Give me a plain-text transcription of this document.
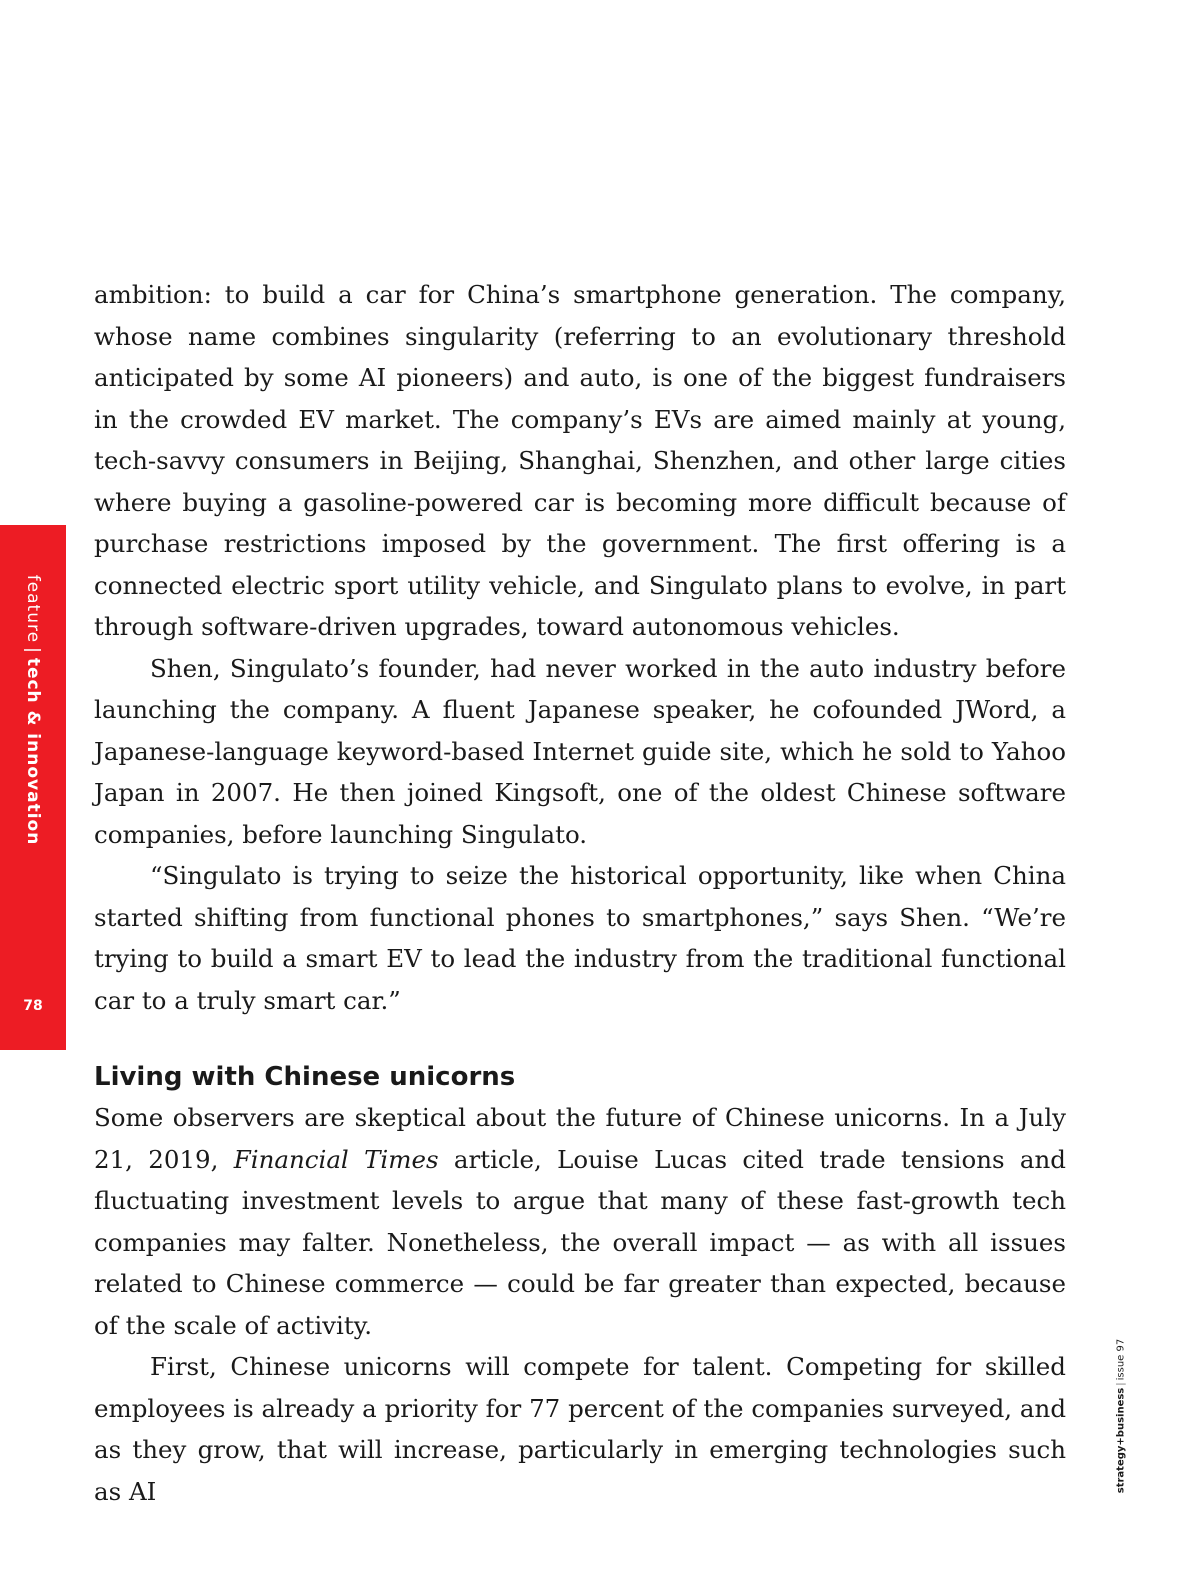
feature|tech & innovation
78
strategy+business|issue 97

ambition: to build a car for China’s smartphone generation. The company, whose name combines singularity (referring to an evolutionary threshold anticipated by some AI pioneers) and auto, is one of the biggest fundraisers in the crowded EV market. The company’s EVs are aimed mainly at young, tech-savvy consumers in Beijing, Shanghai, Shenzhen, and other large cities where buying a gasoline-powered car is becoming more difficult because of purchase restrictions imposed by the government. The first offering is a connected electric sport utility vehicle, and Singulato plans to evolve, in part through software-driven upgrades, toward autonomous vehicles.

Shen, Singulato’s founder, had never worked in the auto industry before launching the company. A fluent Japanese speaker, he cofounded JWord, a Japanese-language keyword-based Internet guide site, which he sold to Yahoo Japan in 2007. He then joined Kingsoft, one of the oldest Chinese software companies, before launching Singulato.

“Singulato is trying to seize the historical opportunity, like when China started shifting from functional phones to smartphones,” says Shen. “We’re trying to build a smart EV to lead the industry from the traditional functional car to a truly smart car.”

Living with Chinese unicorns

Some observers are skeptical about the future of Chinese unicorns. In a July 21, 2019, Financial Times article, Louise Lucas cited trade tensions and fluctuating investment levels to argue that many of these fast-growth tech companies may falter. Nonetheless, the overall impact — as with all issues related to Chinese commerce — could be far greater than expected, because of the scale of activity.

First, Chinese unicorns will compete for talent. Competing for skilled employees is already a priority for 77 percent of the companies surveyed, and as they grow, that will increase, particularly in emerging technologies such as AI
